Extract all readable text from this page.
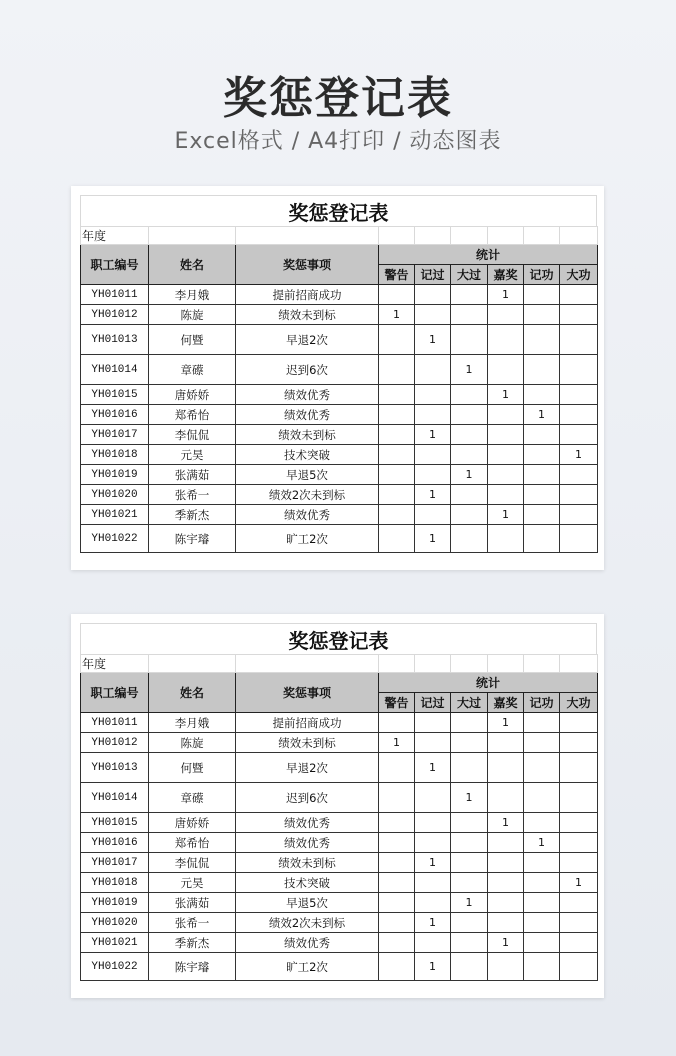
奖惩登记表
Excel格式 / A4打印 / 动态图表
奖惩登记表
年度								
职工编号	姓名	奖惩事项	统计					
			警告	记过	大过	嘉奖	记功	大功
YH01011	李月娥	提前招商成功				1		
YH01012	陈旋	绩效未到标	1					
YH01013	何暨	早退2次		1				
YH01014	章礤	迟到6次			1			
YH01015	唐娇娇	绩效优秀				1		
YH01016	郑希怡	绩效优秀					1	
YH01017	李侃侃	绩效未到标		1				
YH01018	元昊	技术突破						1
YH01019	张满茹	早退5次			1			
YH01020	张希一	绩效2次未到标		1				
YH01021	季新杰	绩效优秀				1		
YH01022	陈宇璿	旷工2次		1				
奖惩登记表
年度								
职工编号	姓名	奖惩事项	统计					
			警告	记过	大过	嘉奖	记功	大功
YH01011	李月娥	提前招商成功				1		
YH01012	陈旋	绩效未到标	1					
YH01013	何暨	早退2次		1				
YH01014	章礤	迟到6次			1			
YH01015	唐娇娇	绩效优秀				1		
YH01016	郑希怡	绩效优秀					1	
YH01017	李侃侃	绩效未到标		1				
YH01018	元昊	技术突破						1
YH01019	张满茹	早退5次			1			
YH01020	张希一	绩效2次未到标		1				
YH01021	季新杰	绩效优秀				1		
YH01022	陈宇璿	旷工2次		1				
